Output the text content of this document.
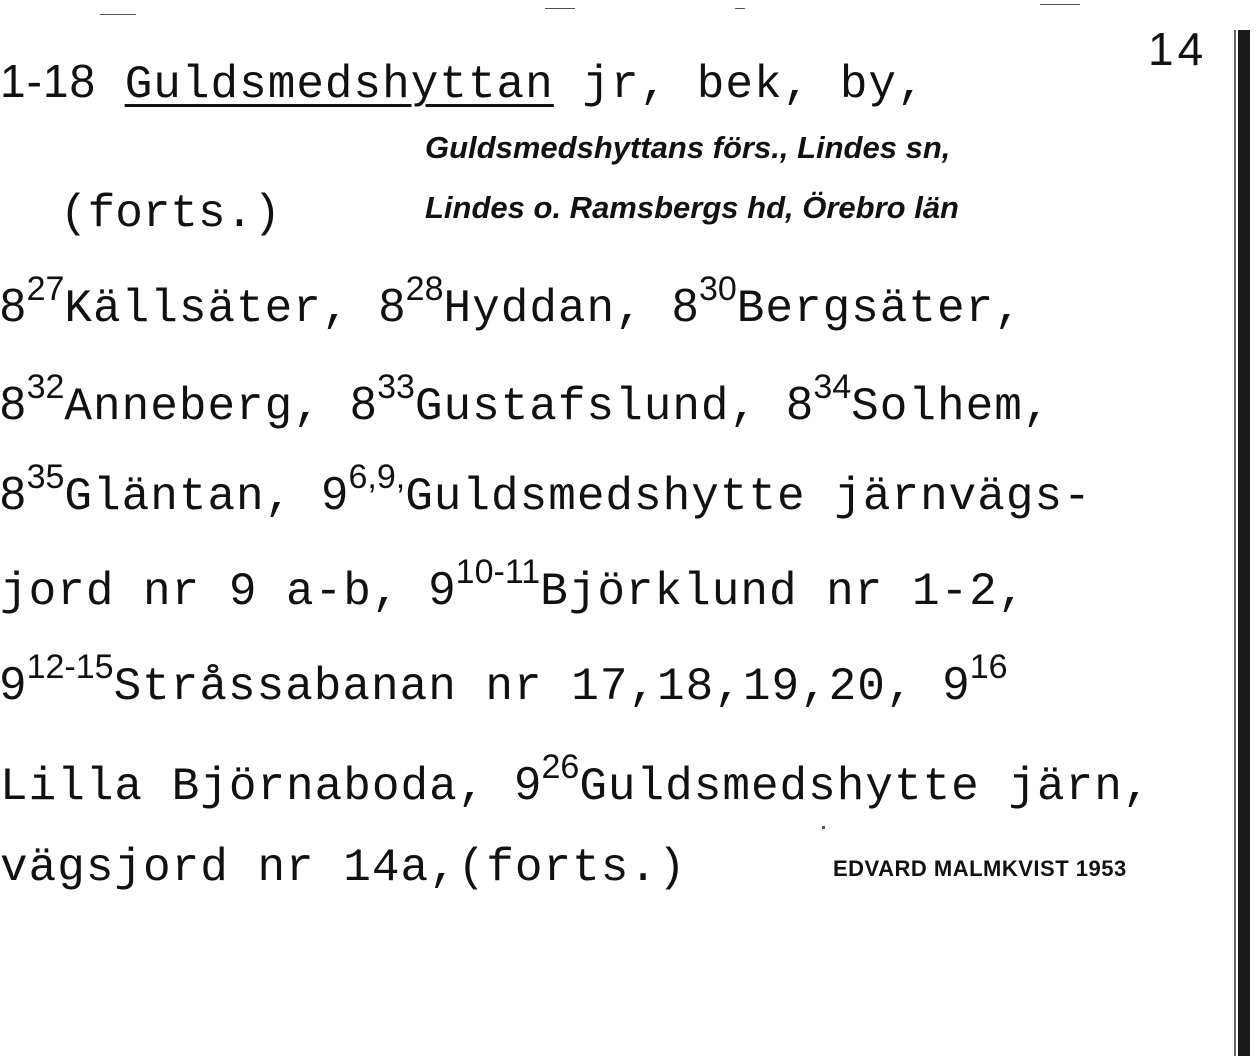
14
1-18 Guldsmedshyttan jr, bek, by,
Guldsmedshyttans förs., Lindes sn,
(forts.)	Lindes o. Ramsbergs hd, Örebro län
$8^{27}Källsäter$, $8^{28}Hyddan$, $8^{30}Bergsäter$,
$8^{32}Anneberg$, $8^{33}Gustafslund$, $8^{34}Solhem$,
$8^{35}Gläntan$, $9^{6,9,}Guldsmedshytte$ järnvägs-
jord nr 9 a-b, 9$^{10-11}$Björklund nr 1-2,
9$^{12-15}$Stråssabanan nr 17,18,19,20, $9^{16}$
Lilla Björnaboda, $9^{26}Guldsmedshytte$ järn,
vägsjord nr 14a,(forts.)	EDVARD MALMKVIST 1953
